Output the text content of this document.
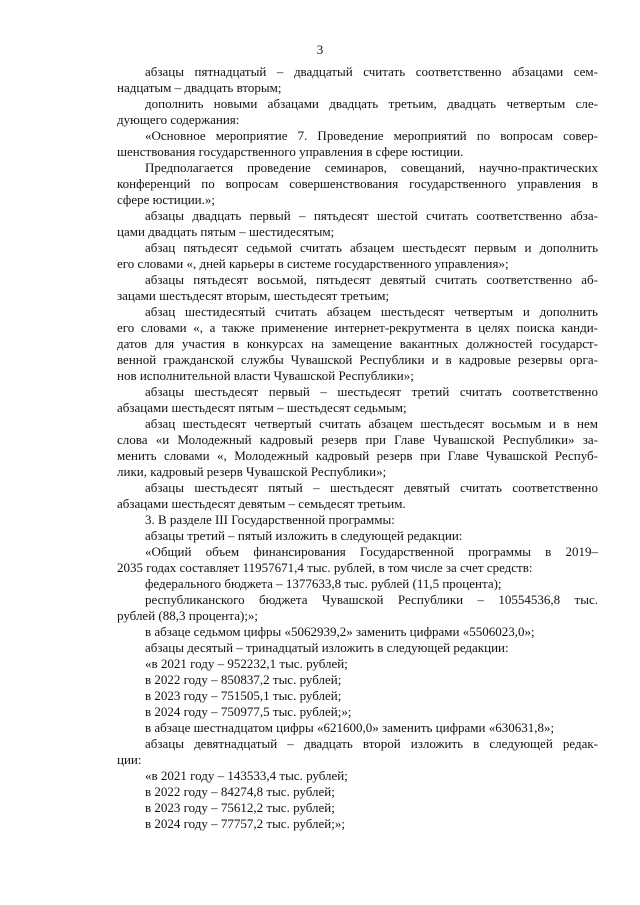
3
абзацы пятнадцатый – двадцатый считать соответственно абзацами сем-
надцатым – двадцать вторым;
дополнить новыми абзацами двадцать третьим, двадцать четвертым сле-
дующего содержания:
«Основное мероприятие 7. Проведение мероприятий по вопросам совер-
шенствования государственного управления в сфере юстиции.
Предполагается проведение семинаров, совещаний, научно-практических
конференций по вопросам совершенствования государственного управления в
сфере юстиции.»;
абзацы двадцать первый – пятьдесят шестой считать соответственно абза-
цами двадцать пятым – шестидесятым;
абзац пятьдесят седьмой считать абзацем шестьдесят первым и дополнить
его словами «, дней карьеры в системе государственного управления»;
абзацы пятьдесят восьмой, пятьдесят девятый считать соответственно аб-
зацами шестьдесят вторым, шестьдесят третьим;
абзац шестидесятый считать абзацем шестьдесят четвертым и дополнить
его словами «, а также применение интернет-рекрутмента в целях поиска канди-
датов для участия в конкурсах на замещение вакантных должностей государст-
венной гражданской службы Чувашской Республики и в кадровые резервы орга-
нов исполнительной власти Чувашской Республики»;
абзацы шестьдесят первый – шестьдесят третий считать соответственно
абзацами шестьдесят пятым – шестьдесят седьмым;
абзац шестьдесят четвертый считать абзацем шестьдесят восьмым и в нем
слова «и Молодежный кадровый резерв при Главе Чувашской Республики» за-
менить словами «, Молодежный кадровый резерв при Главе Чувашской Респуб-
лики, кадровый резерв Чувашской Республики»;
абзацы шестьдесят пятый – шестьдесят девятый считать соответственно
абзацами шестьдесят девятым – семьдесят третьим.
3. В разделе III Государственной программы:
абзацы третий – пятый изложить в следующей редакции:
«Общий объем финансирования Государственной программы в 2019–
2035 годах составляет 11957671,4 тыс. рублей, в том числе за счет средств:
федерального бюджета – 1377633,8 тыс. рублей (11,5 процента);
республиканского бюджета Чувашской Республики – 10554536,8 тыс.
рублей (88,3 процента);»;
в абзаце седьмом цифры «5062939,2» заменить цифрами «5506023,0»;
абзацы десятый – тринадцатый изложить в следующей редакции:
«в 2021 году – 952232,1 тыс. рублей;
в 2022 году – 850837,2 тыс. рублей;
в 2023 году – 751505,1 тыс. рублей;
в 2024 году – 750977,5 тыс. рублей;»;
в абзаце шестнадцатом цифры «621600,0» заменить цифрами «630631,8»;
абзацы девятнадцатый – двадцать второй изложить в следующей редак-
ции:
«в 2021 году – 143533,4 тыс. рублей;
в 2022 году – 84274,8 тыс. рублей;
в 2023 году – 75612,2 тыс. рублей;
в 2024 году – 77757,2 тыс. рублей;»;
